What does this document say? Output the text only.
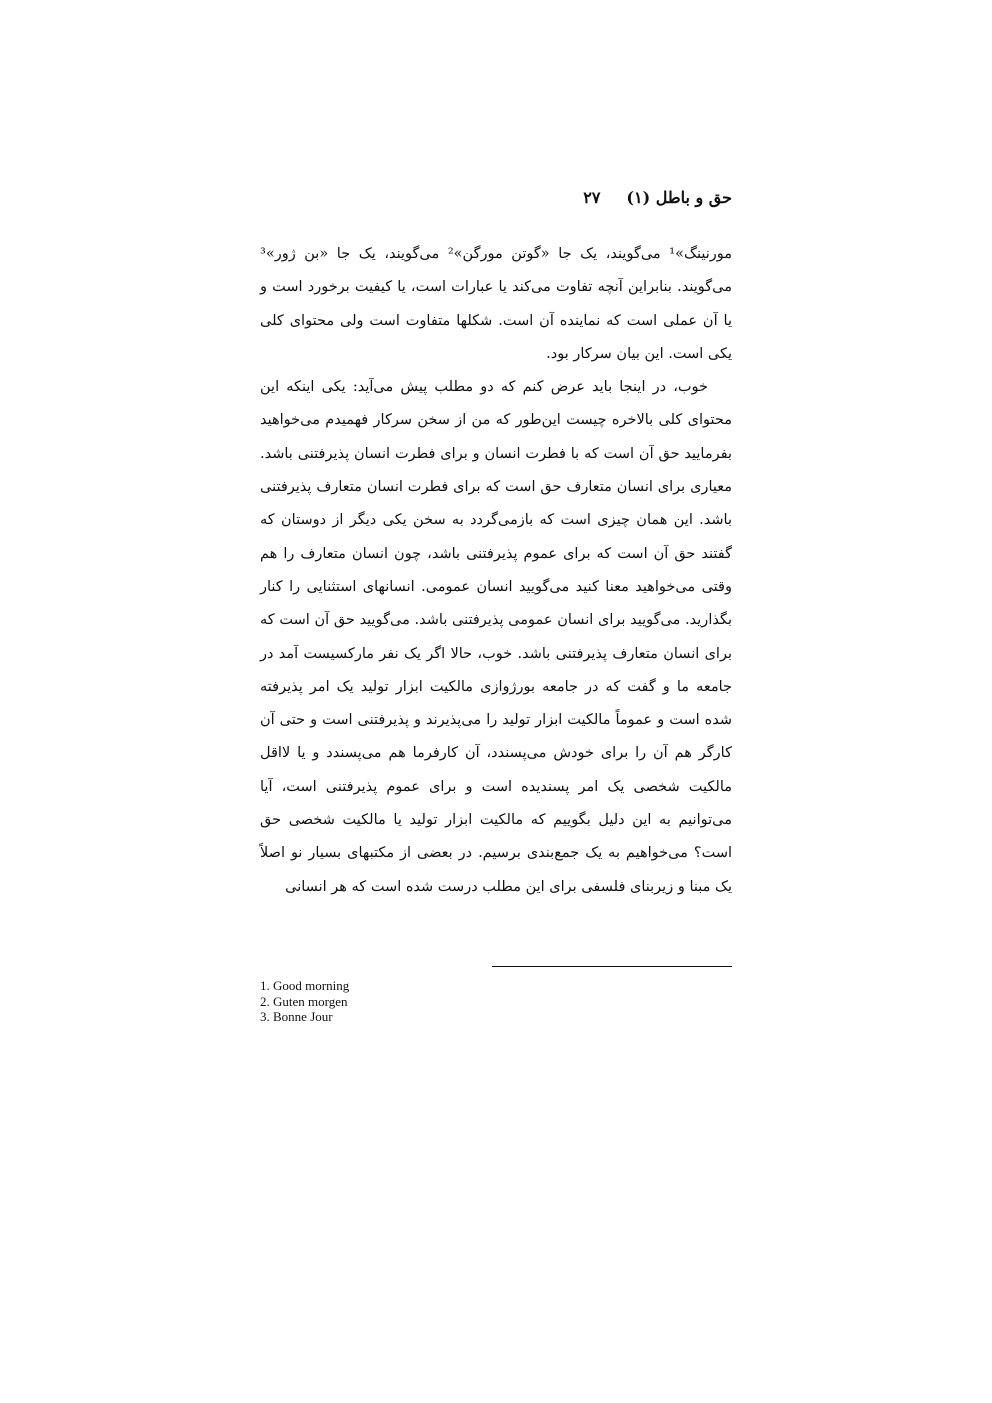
حق و باطل (۱)
۲۷

مورنینگ»¹ می‌گویند، یک جا «گوتن مورگن»² می‌گویند، یک جا «بن ژور»³ می‌گویند. بنابراین آنچه تفاوت می‌کند یا عبارات است، یا کیفیت برخورد است و یا آن عملی است که نماینده آن است. شکلها متفاوت است ولی محتوای کلی یکی است. این بیان سرکار بود.

خوب، در اینجا باید عرض کنم که دو مطلب پیش می‌آید: یکی اینکه این محتوای کلی بالاخره چیست این‌طور که من از سخن سرکار فهمیدم می‌خواهید بفرمایید حق آن است که با فطرت انسان و برای فطرت انسان پذیرفتنی باشد. معیاری برای انسان متعارف حق است که برای فطرت انسان متعارف پذیرفتنی باشد. این همان چیزی است که بازمی‌گردد به سخن یکی دیگر از دوستان که گفتند حق آن است که برای عموم پذیرفتنی باشد، چون انسان متعارف را هم وقتی می‌خواهید معنا کنید می‌گویید انسان عمومی. انسانهای استثنایی را کنار بگذارید. می‌گویید برای انسان عمومی پذیرفتنی باشد. می‌گویید حق آن است که برای انسان متعارف پذیرفتنی باشد. خوب، حالا اگر یک نفر مارکسیست آمد در جامعه ما و گفت که در جامعه بورژوازی مالکیت ابزار تولید یک امر پذیرفته شده است و عموماً مالکیت ابزار تولید را می‌پذیرند و پذیرفتنی است و حتی آن کارگر هم آن را برای خودش می‌پسندد، آن کارفرما هم می‌پسندد و یا لااقل مالکیت شخصی یک امر پسندیده است و برای عموم پذیرفتنی است، آیا می‌توانیم به این دلیل بگوییم که مالکیت ابزار تولید یا مالکیت شخصی حق است؟ می‌خواهیم به یک جمع‌بندی برسیم. در بعضی از مکتبهای بسیار نو اصلاً یک مبنا و زیربنای فلسفی برای این مطلب درست شده است که هر انسانی

1. Good morning
2. Guten morgen
3. Bonne Jour
